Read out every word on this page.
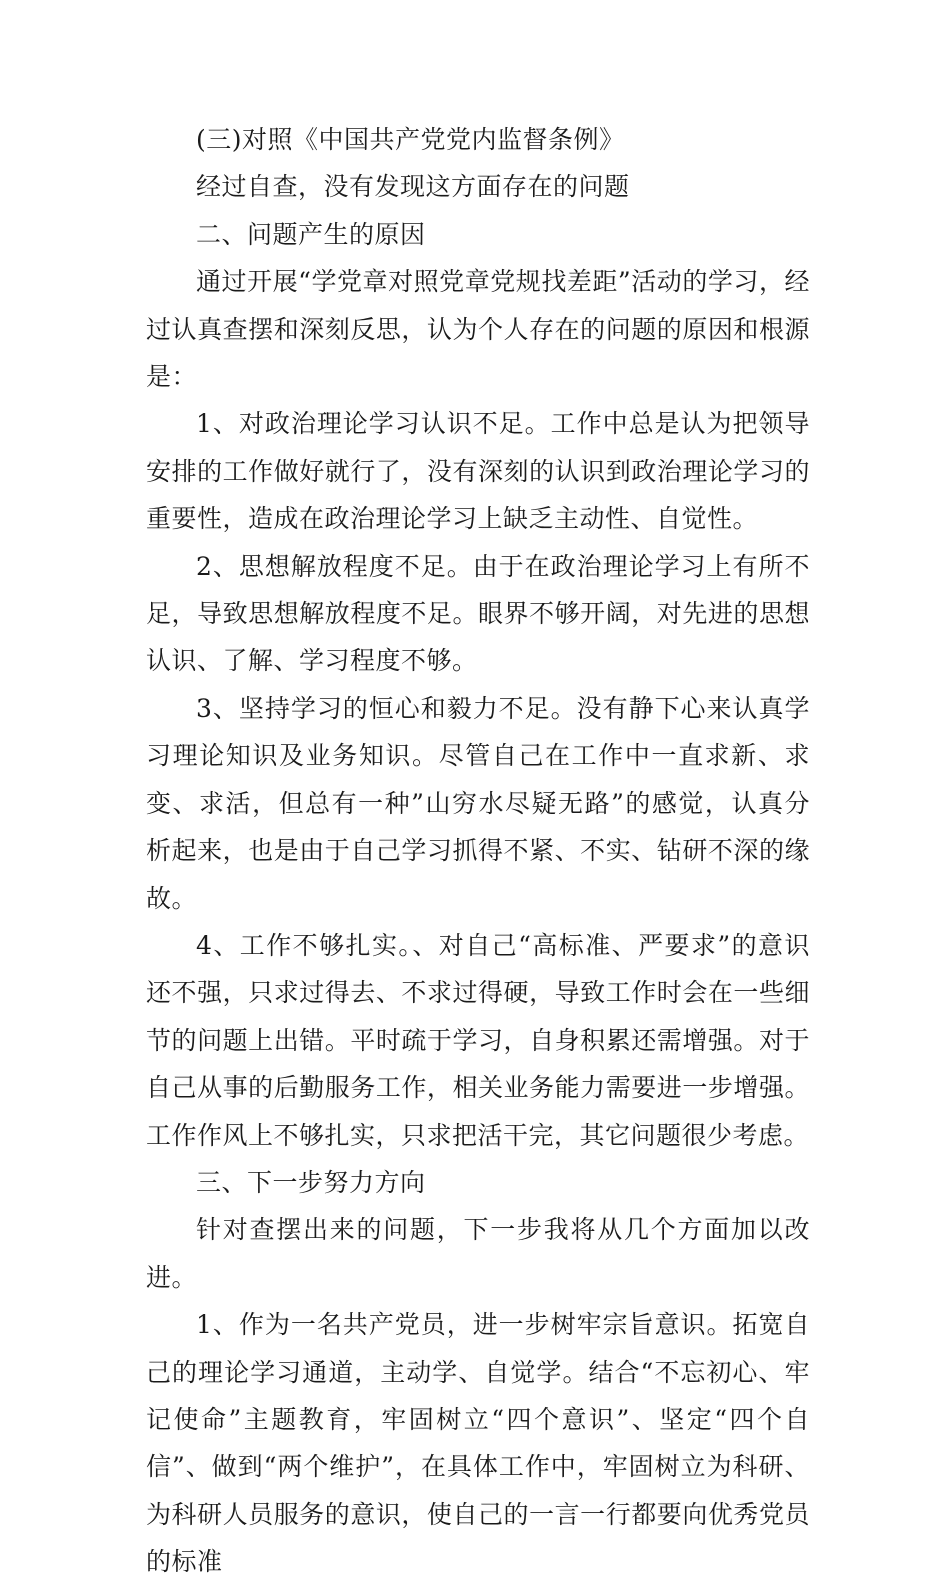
(三)对照《中国共产党党内监督条例》

经过自查，没有发现这方面存在的问题

二、问题产生的原因

通过开展“学党章对照党章党规找差距”活动的学习，经过认真查摆和深刻反思，认为个人存在的问题的原因和根源是：

1、对政治理论学习认识不足。工作中总是认为把领导安排的工作做好就行了，没有深刻的认识到政治理论学习的重要性，造成在政治理论学习上缺乏主动性、自觉性。

2、思想解放程度不足。由于在政治理论学习上有所不足，导致思想解放程度不足。眼界不够开阔，对先进的思想认识、了解、学习程度不够。

3、坚持学习的恒心和毅力不足。没有静下心来认真学习理论知识及业务知识。尽管自己在工作中一直求新、求变、求活，但总有一种”山穷水尽疑无路”的感觉，认真分析起来，也是由于自己学习抓得不紧、不实、钻研不深的缘故。

4、工作不够扎实。、对自己“高标准、严要求”的意识还不强，只求过得去、不求过得硬，导致工作时会在一些细节的问题上出错。平时疏于学习，自身积累还需增强。对于自己从事的后勤服务工作，相关业务能力需要进一步增强。工作作风上不够扎实，只求把活干完，其它问题很少考虑。

三、下一步努力方向

针对查摆出来的问题，下一步我将从几个方面加以改进。

1、作为一名共产党员，进一步树牢宗旨意识。拓宽自己的理论学习通道，主动学、自觉学。结合“不忘初心、牢记使命”主题教育，牢固树立“四个意识”、坚定“四个自信”、做到“两个维护”，在具体工作中，牢固树立为科研、为科研人员服务的意识，使自己的一言一行都要向优秀党员的标准
